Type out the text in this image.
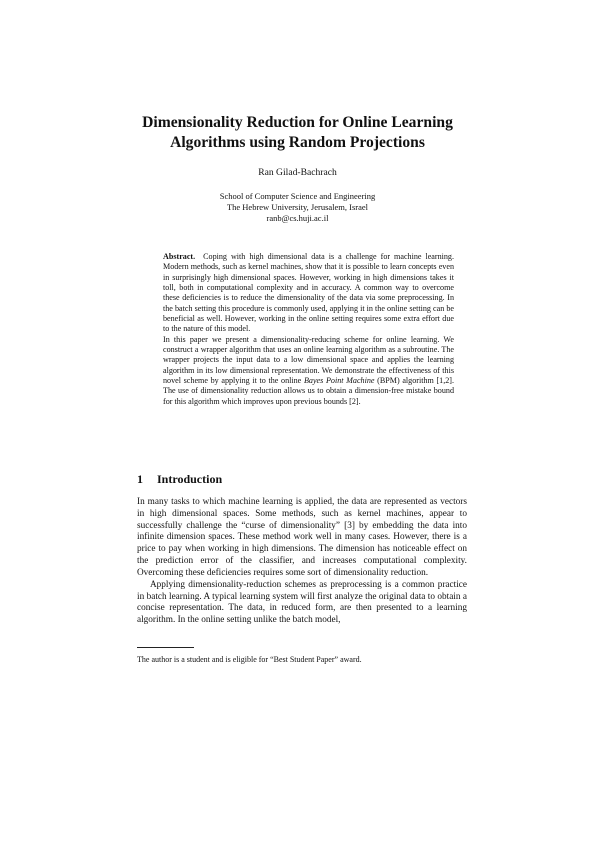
Dimensionality Reduction for Online Learning
Algorithms using Random Projections
Ran Gilad-Bachrach
School of Computer Science and Engineering
The Hebrew University, Jerusalem, Israel
ranb@cs.huji.ac.il

Abstract. Coping with high dimensional data is a challenge for machine learning. Modern methods, such as kernel machines, show that it is possible to learn concepts even in surprisingly high dimensional spaces. However, working in high dimensions takes it toll, both in computational complexity and in accuracy. A common way to overcome these deficiencies is to reduce the dimensionality of the data via some preprocessing. In the batch setting this procedure is commonly used, applying it in the online setting can be beneficial as well. However, working in the online setting requires some extra effort due to the nature of this model.

In this paper we present a dimensionality-reducing scheme for online learning. We construct a wrapper algorithm that uses an online learning algorithm as a subroutine. The wrapper projects the input data to a low dimensional space and applies the learning algorithm in its low dimensional representation. We demonstrate the effectiveness of this novel scheme by applying it to the online Bayes Point Machine (BPM) algorithm [1,2]. The use of dimensionality reduction allows us to obtain a dimension-free mistake bound for this algorithm which improves upon previous bounds [2].

1 Introduction

In many tasks to which machine learning is applied, the data are represented as vectors in high dimensional spaces. Some methods, such as kernel machines, appear to successfully challenge the “curse of dimensionality” [3] by embedding the data into infinite dimension spaces. These method work well in many cases. However, there is a price to pay when working in high dimensions. The dimension has noticeable effect on the prediction error of the classifier, and increases computational complexity. Overcoming these deficiencies requires some sort of dimensionality reduction.

Applying dimensionality-reduction schemes as preprocessing is a common practice in batch learning. A typical learning system will first analyze the original data to obtain a concise representation. The data, in reduced form, are then presented to a learning algorithm. In the online setting unlike the batch model,

The author is a student and is eligible for “Best Student Paper” award.
